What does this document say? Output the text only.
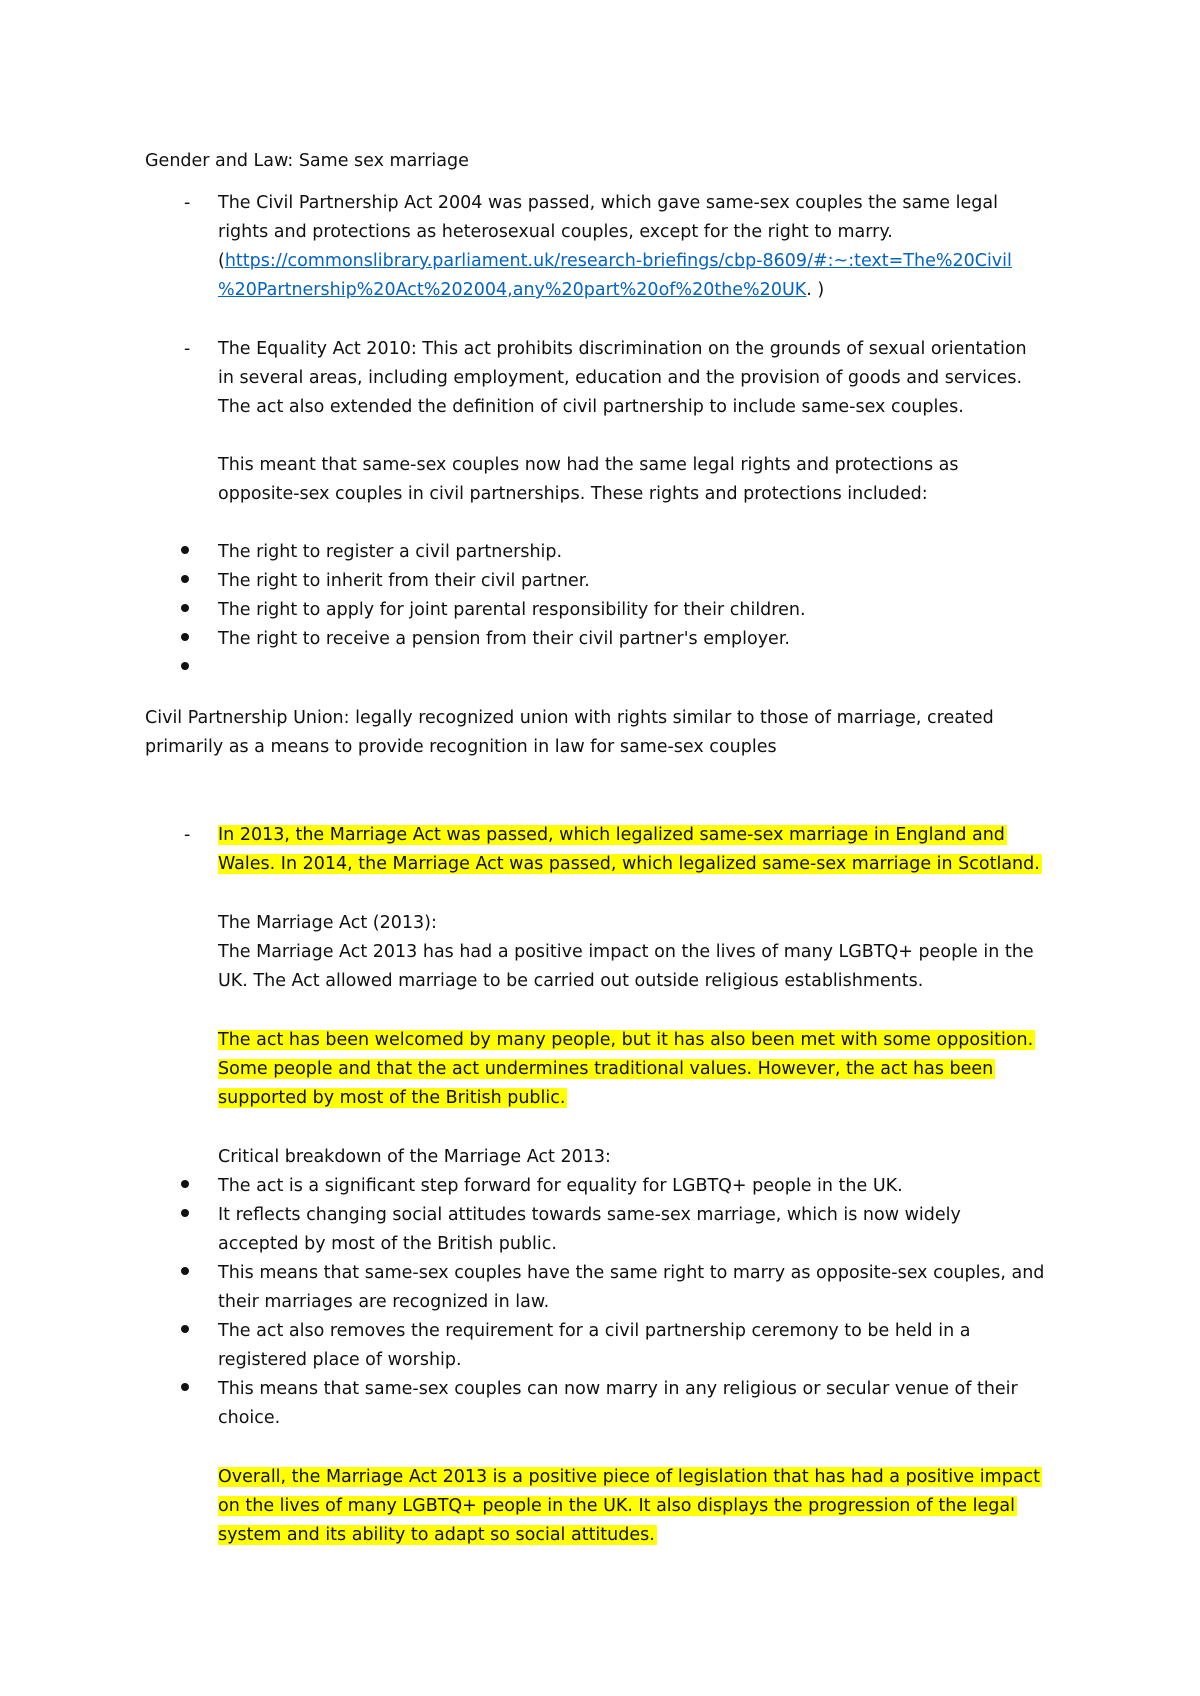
Gender and Law: Same sex marriage
- The Civil Partnership Act 2004 was passed, which gave same-sex couples the same legal
rights and protections as heterosexual couples, except for the right to marry.
(https://commonslibrary.parliament.uk/research-briefings/cbp-8609/#:~:text=The%20Civil
%20Partnership%20Act%202004,any%20part%20of%20the%20UK. )
- The Equality Act 2010: This act prohibits discrimination on the grounds of sexual orientation
in several areas, including employment, education and the provision of goods and services.
The act also extended the definition of civil partnership to include same-sex couples.
This meant that same-sex couples now had the same legal rights and protections as
opposite-sex couples in civil partnerships. These rights and protections included:
The right to register a civil partnership.
The right to inherit from their civil partner.
The right to apply for joint parental responsibility for their children.
The right to receive a pension from their civil partner's employer.
Civil Partnership Union: legally recognized union with rights similar to those of marriage, created
primarily as a means to provide recognition in law for same-sex couples
- In 2013, the Marriage Act was passed, which legalized same-sex marriage in England and
Wales. In 2014, the Marriage Act was passed, which legalized same-sex marriage in Scotland.
The Marriage Act (2013):
The Marriage Act 2013 has had a positive impact on the lives of many LGBTQ+ people in the
UK. The Act allowed marriage to be carried out outside religious establishments.
The act has been welcomed by many people, but it has also been met with some opposition.
Some people and that the act undermines traditional values. However, the act has been
supported by most of the British public.
Critical breakdown of the Marriage Act 2013:
The act is a significant step forward for equality for LGBTQ+ people in the UK.
It reflects changing social attitudes towards same-sex marriage, which is now widely
accepted by most of the British public.
This means that same-sex couples have the same right to marry as opposite-sex couples, and
their marriages are recognized in law.
The act also removes the requirement for a civil partnership ceremony to be held in a
registered place of worship.
This means that same-sex couples can now marry in any religious or secular venue of their
choice.
Overall, the Marriage Act 2013 is a positive piece of legislation that has had a positive impact
on the lives of many LGBTQ+ people in the UK. It also displays the progression of the legal
system and its ability to adapt so social attitudes.
